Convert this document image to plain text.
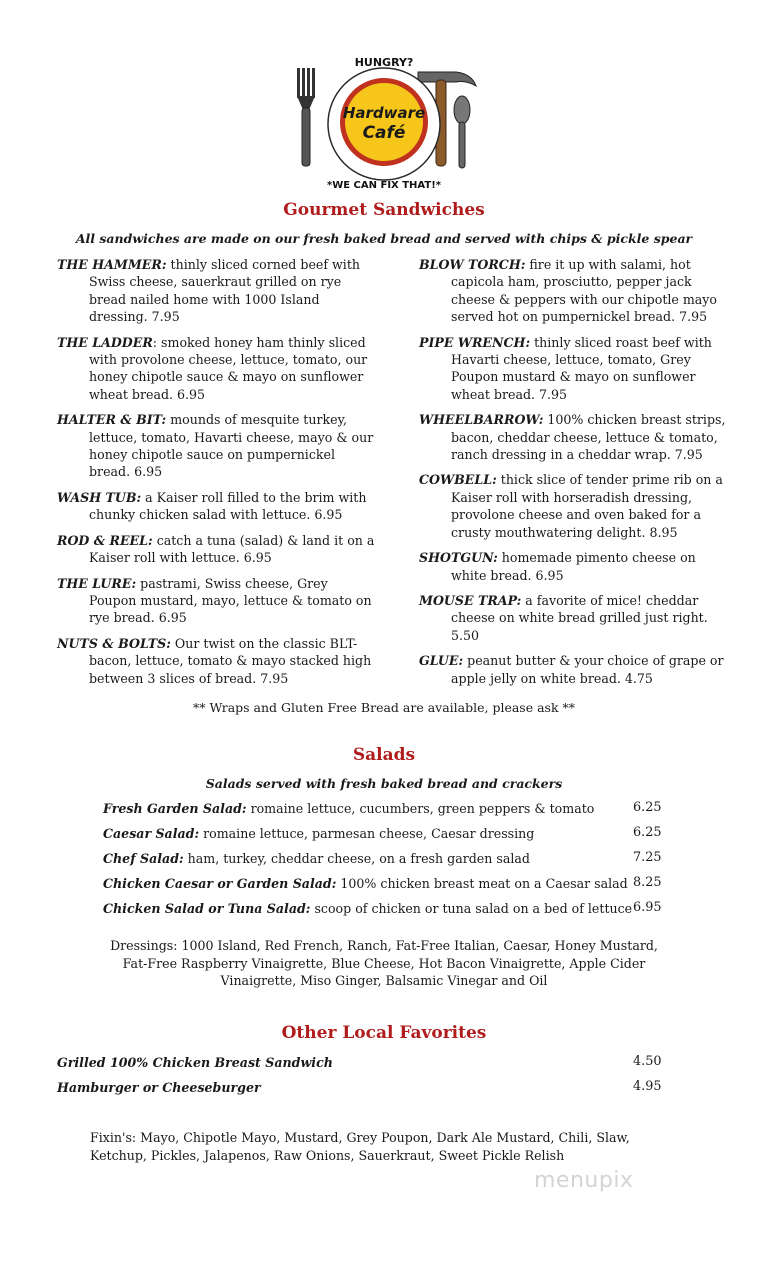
HUNGRY?
Hardware
Café
*WE CAN FIX THAT!*
Gourmet Sandwiches

All sandwiches are made on our fresh baked bread and served with chips & pickle spear

THE HAMMER: thinly sliced corned beef with Swiss cheese, sauerkraut grilled on rye bread nailed home with 1000 Island dressing. 7.95

THE LADDER: smoked honey ham thinly sliced with provolone cheese, lettuce, tomato, our honey chipotle sauce & mayo on sunflower wheat bread. 6.95

HALTER & BIT: mounds of mesquite turkey, lettuce, tomato, Havarti cheese, mayo & our honey chipotle sauce on pumpernickel bread. 6.95

WASH TUB: a Kaiser roll filled to the brim with chunky chicken salad with lettuce. 6.95

ROD & REEL: catch a tuna (salad) & land it on a Kaiser roll with lettuce. 6.95

THE LURE: pastrami, Swiss cheese, Grey Poupon mustard, mayo, lettuce & tomato on rye bread. 6.95

NUTS & BOLTS: Our twist on the classic BLT- bacon, lettuce, tomato & mayo stacked high between 3 slices of bread. 7.95

BLOW TORCH: fire it up with salami, hot capicola ham, prosciutto, pepper jack cheese & peppers with our chipotle mayo served hot on pumpernickel bread. 7.95

PIPE WRENCH: thinly sliced roast beef with Havarti cheese, lettuce, tomato, Grey Poupon mustard & mayo on sunflower wheat bread. 7.95

WHEELBARROW: 100% chicken breast strips, bacon, cheddar cheese, lettuce & tomato, ranch dressing in a cheddar wrap. 7.95

COWBELL: thick slice of tender prime rib on a Kaiser roll with horseradish dressing, provolone cheese and oven baked for a crusty mouthwatering delight. 8.95

SHOTGUN: homemade pimento cheese on white bread. 6.95

MOUSE TRAP: a favorite of mice! cheddar cheese on white bread grilled just right. 5.50

GLUE: peanut butter & your choice of grape or apple jelly on white bread. 4.75

** Wraps and Gluten Free Bread are available, please ask **

Salads

Salads served with fresh baked bread and crackers

Fresh Garden Salad: romaine lettuce, cucumbers, green peppers & tomato	6.25
Caesar Salad: romaine lettuce, parmesan cheese, Caesar dressing	6.25
Chef Salad: ham, turkey, cheddar cheese, on a fresh garden salad	7.25
Chicken Caesar or Garden Salad: 100% chicken breast meat on a Caesar salad 8.25
Chicken Salad or Tuna Salad: scoop of chicken or tuna salad on a bed of lettuce 6.95

Dressings: 1000 Island, Red French, Ranch, Fat-Free Italian, Caesar, Honey Mustard, Fat-Free Raspberry Vinaigrette, Blue Cheese, Hot Bacon Vinaigrette, Apple Cider Vinaigrette, Miso Ginger, Balsamic Vinegar and Oil

Other Local Favorites
Grilled 100% Chicken Breast Sandwich	4.50
Hamburger or Cheeseburger	4.95

Fixin's: Mayo, Chipotle Mayo, Mustard, Grey Poupon, Dark Ale Mustard, Chili, Slaw, Ketchup, Pickles, Jalapenos, Raw Onions, Sauerkraut, Sweet Pickle Relish

menupix
